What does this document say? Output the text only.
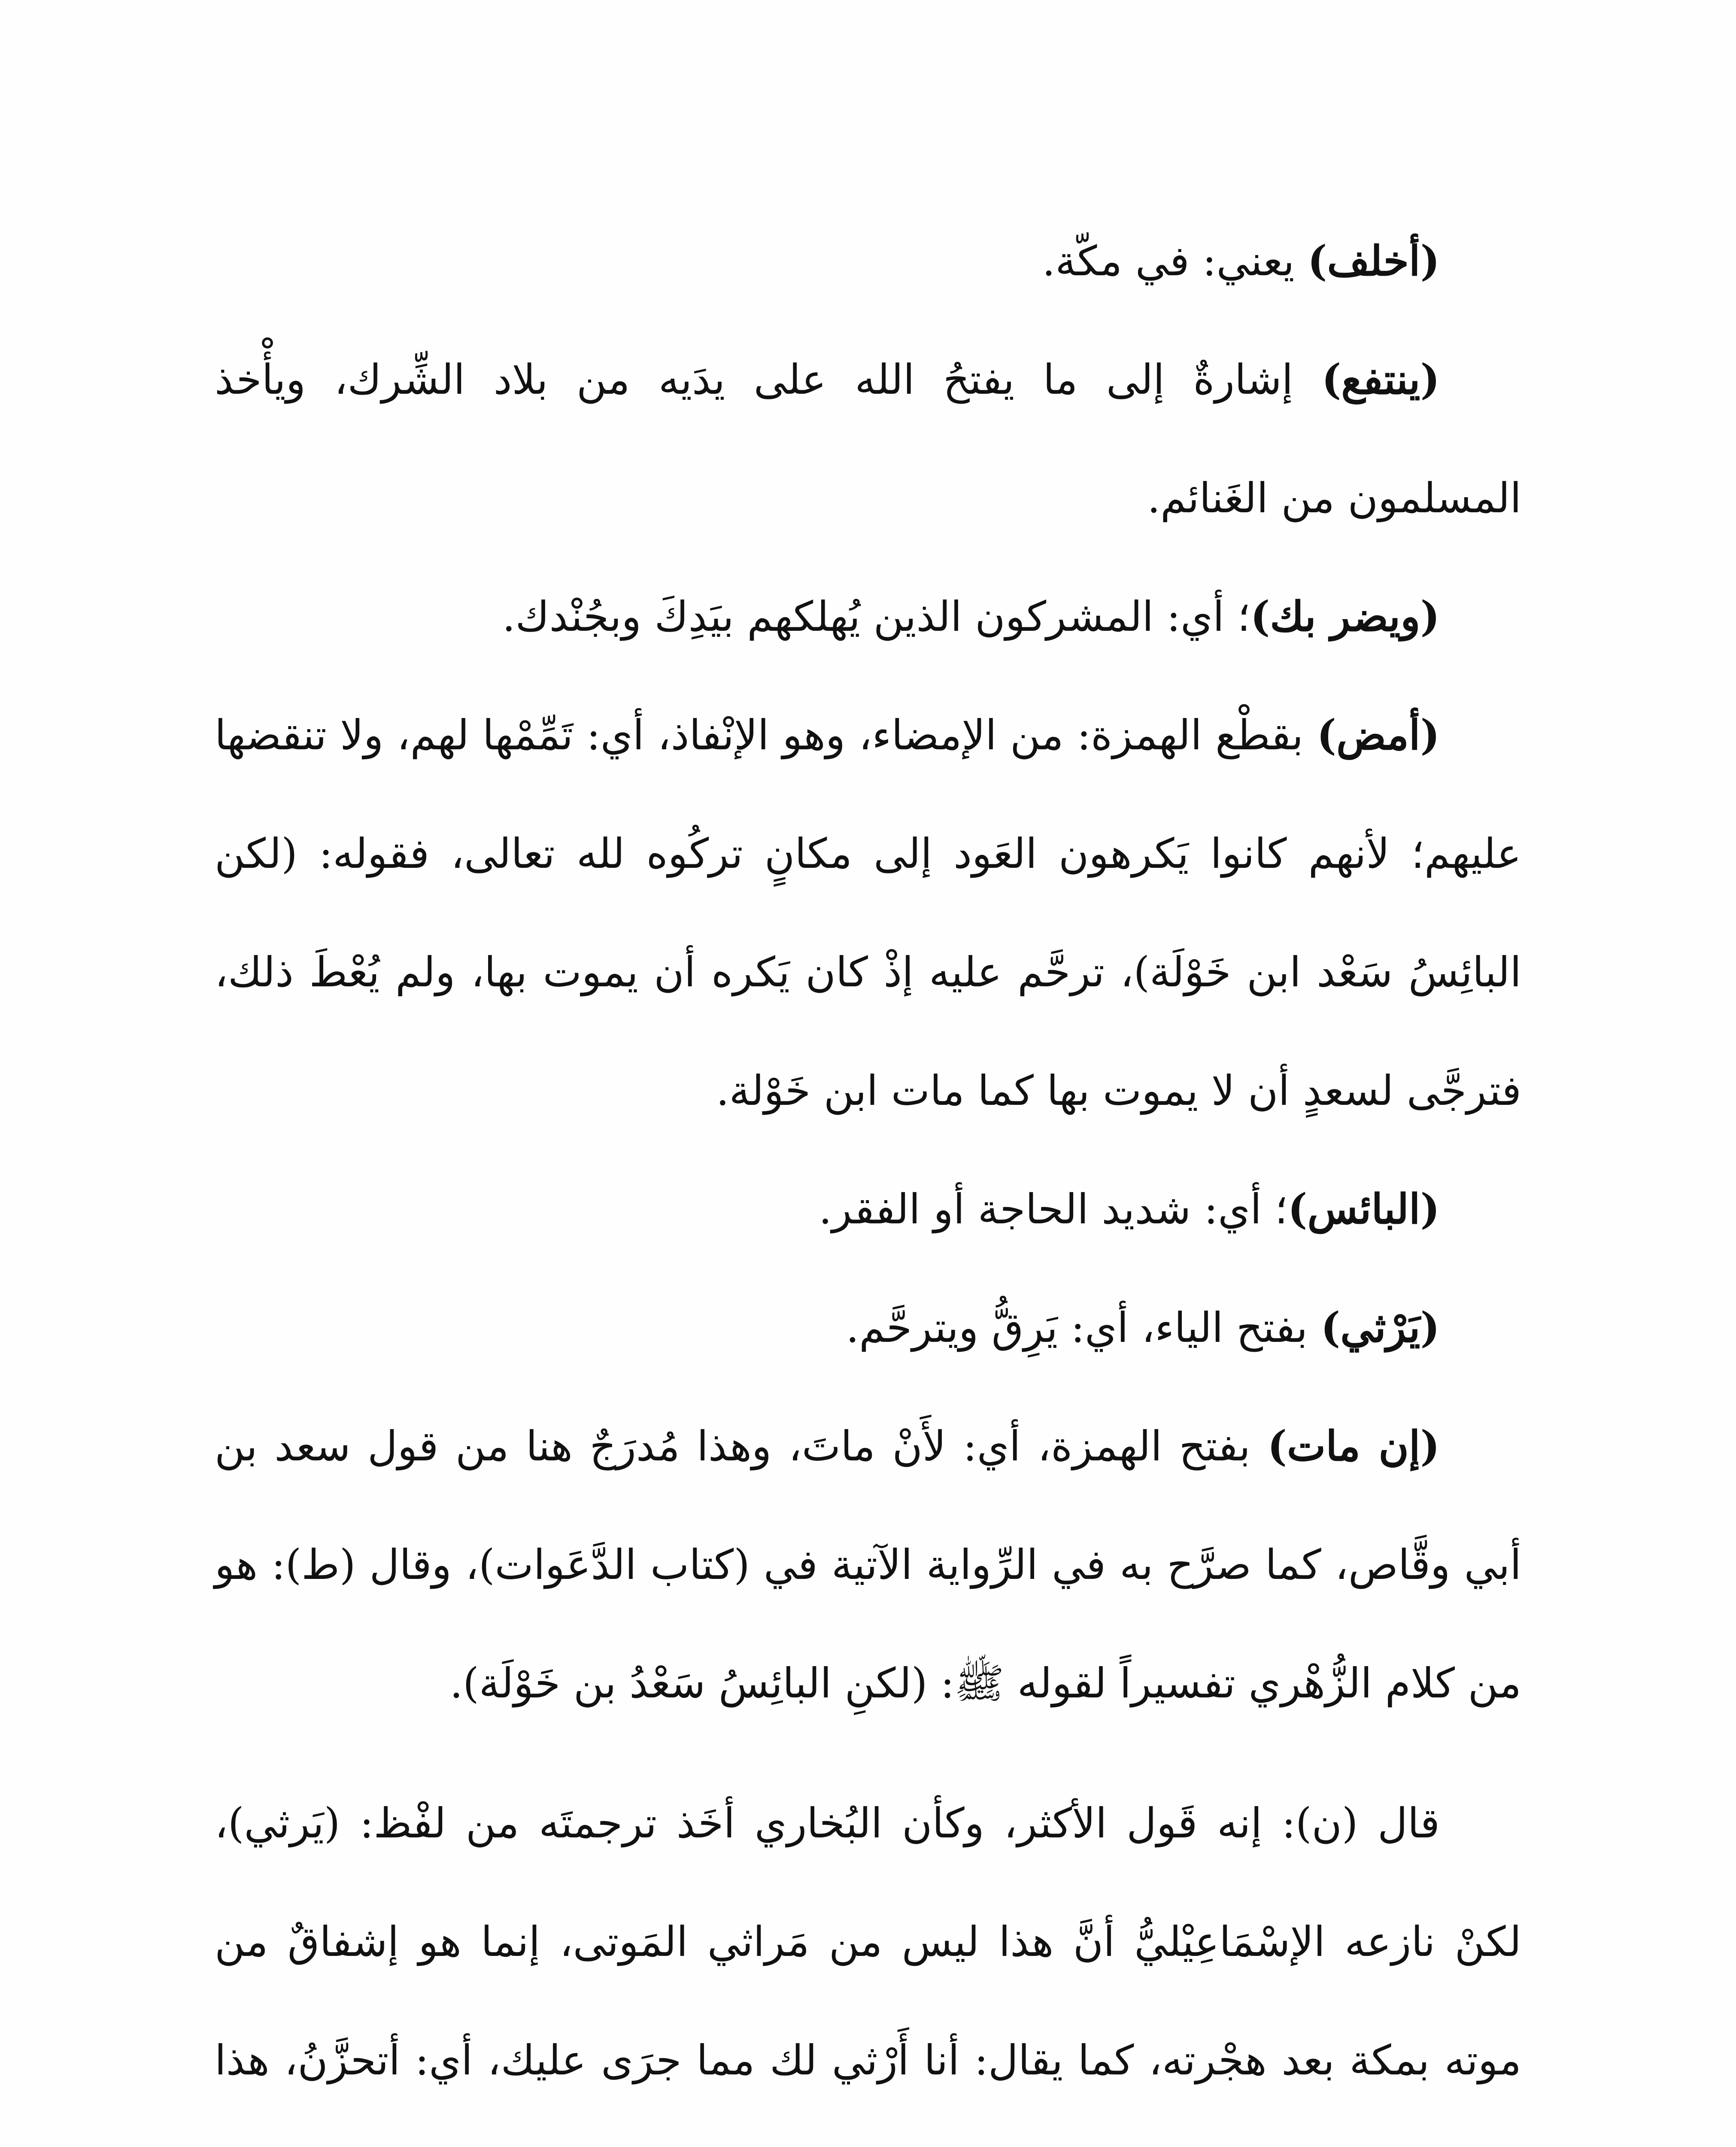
(أخلف) يعني: في مكّة.

(ينتفع) إشارةٌ إلى ما يفتحُ الله على يدَيه من بلاد الشِّرك، ويأْخذ المسلمون من الغَنائم.

(ويضر بك)؛ أي: المشركون الذين يُهلكهم بيَدِكَ وبجُنْدك.

(أمض) بقطْع الهمزة: من الإمضاء، وهو الإنْفاذ، أي: تَمِّمْها لهم، ولا تنقضها عليهم؛ لأنهم كانوا يَكرهون العَود إلى مكانٍ تركُوه لله تعالى، فقوله: (لكن البائِسُ سَعْد ابن خَوْلَة)، ترحَّم عليه إذْ كان يَكره أن يموت بها، ولم يُعْطَ ذلك، فترجَّى لسعدٍ أن لا يموت بها كما مات ابن خَوْلة.

(البائس)؛ أي: شديد الحاجة أو الفقر.

(يَرْثي) بفتح الياء، أي: يَرِقُّ ويترحَّم.

(إن مات) بفتح الهمزة، أي: لأَنْ ماتَ، وهذا مُدرَجٌ هنا من قول سعد بن أبي وقَّاص، كما صرَّح به في الرِّواية الآتية في (كتاب الدَّعَوات)، وقال (ط): هو من كلام الزُّهْري تفسيراً لقوله ﷺ: (لكنِ البائِسُ سَعْدُ بن خَوْلَة).

قال (ن): إنه قَول الأكثر، وكأن البُخاري أخَذ ترجمتَه من لفْظ: (يَرثي)، لكنْ نازعه الإسْمَاعِيْليُّ أنَّ هذا ليس من مَراثي المَوتى، إنما هو إشفاقٌ من موته بمكة بعد هجْرته، كما يقال: أنا أَرْثي لك مما جرَى عليك، أي: أتحزَّنُ، هذا
